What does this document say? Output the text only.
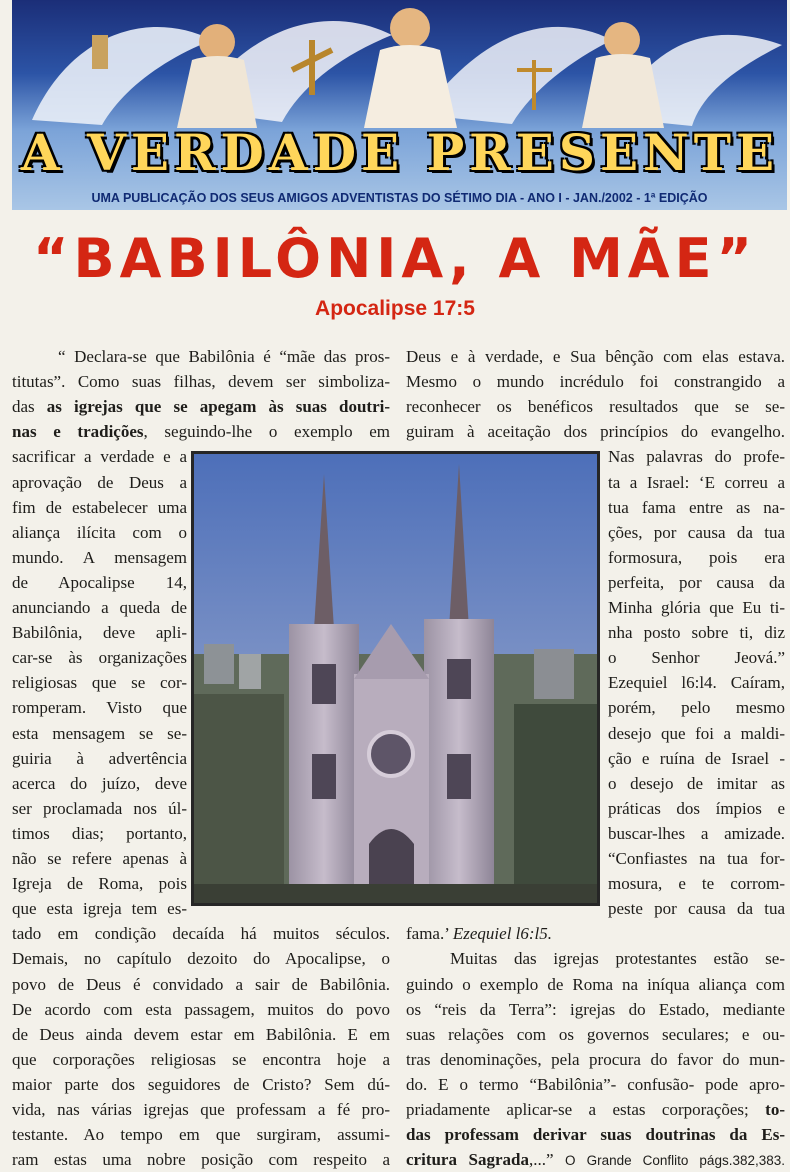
A VERDADE PRESENTE
UMA PUBLICAÇÃO DOS SEUS AMIGOS ADVENTISTAS DO SÉTIMO DIA - ANO I - JAN./2002 - 1ª EDIÇÃO
“BABILÔNIA, A MÃE”
Apocalipse 17:5
“ Declara-se que Babilônia é “mãe das pros-
titutas”. Como suas filhas, devem ser simboliza-
das as igrejas que se apegam às suas doutri-
nas e tradições, seguindo-lhe o exemplo em
sacrificar a verdade e a
aprovação de Deus a
fim de estabelecer uma
aliança ilícita com o
mundo. A mensagem
de Apocalipse 14,
anunciando a queda de
Babilônia, deve apli-
car-se às organizações
religiosas que se cor-
romperam. Visto que
esta mensagem se se-
guiria à advertência
acerca do juízo, deve
ser proclamada nos úl-
timos dias; portanto,
não se refere apenas à
Igreja de Roma, pois
que esta igreja tem es-
tado em condição decaída há muitos séculos.
Demais, no capítulo dezoito do Apocalipse, o
povo de Deus é convidado a sair de Babilônia.
De acordo com esta passagem, muitos do povo
de Deus ainda devem estar em Babilônia. E em
que corporações religiosas se encontra hoje a
maior parte dos seguidores de Cristo? Sem dú-
vida, nas várias igrejas que professam a fé pro-
testante. Ao tempo em que surgiram, assumi-
ram estas uma nobre posição com respeito a
Deus e à verdade, e Sua bênção com elas estava.
Mesmo o mundo incrédulo foi constrangido a
reconhecer os benéficos resultados que se se-
guiram à aceitação dos princípios do evangelho.
Nas palavras do profe-
ta a Israel: ‘E correu a
tua fama entre as na-
ções, por causa da tua
formosura, pois era
perfeita, por causa da
Minha glória que Eu ti-
nha posto sobre ti, diz
o Senhor Jeová.”
Ezequiel l6:l4. Caíram,
porém, pelo mesmo
desejo que foi a maldi-
ção e ruína de Israel -
o desejo de imitar as
práticas dos ímpios e
buscar-lhes a amizade.
“Confiastes na tua for-
mosura, e te corrom-
peste por causa da tua
fama.’ Ezequiel l6:l5.
Muitas das igrejas protestantes estão se-
guindo o exemplo de Roma na iníqua aliança com
os “reis da Terra”: igrejas do Estado, mediante
suas relações com os governos seculares; e ou-
tras denominações, pela procura do favor do mun-
do. E o termo “Babilônia”- confusão- pode apro-
priadamente aplicar-se a estas corporações; to-
das professam derivar suas doutrinas da Es-
critura Sagrada,...” O Grande Conflito págs.382,383.
